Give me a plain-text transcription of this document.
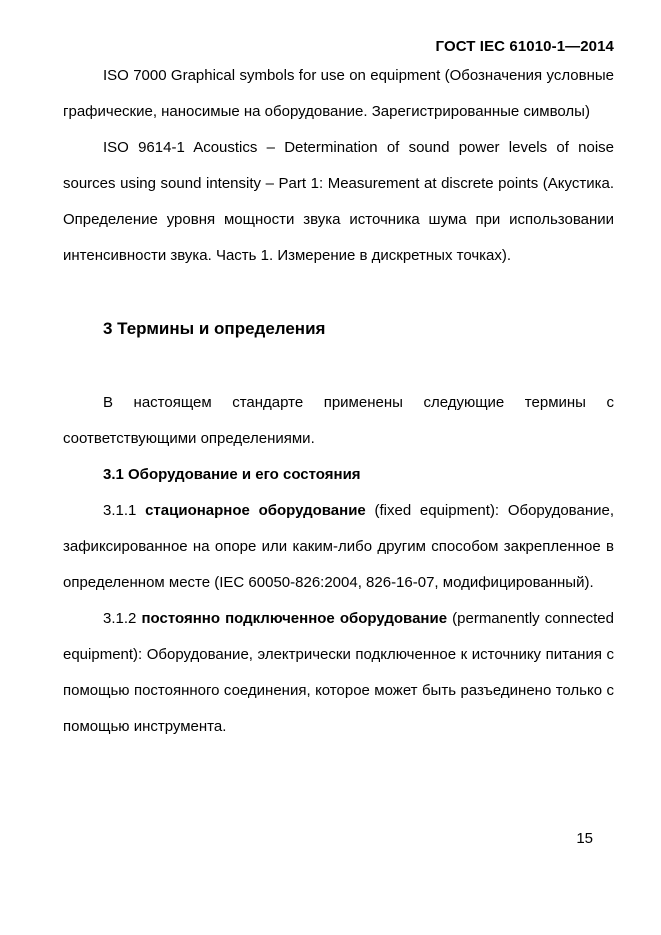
ГОСТ IEC 61010-1—2014

ISO 7000 Graphical symbols for use on equipment (Обозначения условные графические, наносимые на оборудование. Зарегистрированные символы)

ISO 9614-1 Acoustics – Determination of sound power levels of noise sources using sound intensity – Part 1: Measurement at discrete points (Акустика. Определение уровня мощности звука источника шума при использовании интенсивности звука. Часть 1. Измерение в дискретных точках).

3 Термины и определения

В настоящем стандарте применены следующие термины с соответствующими определениями.

3.1 Оборудование и его состояния

3.1.1 стационарное оборудование (fixed equipment): Оборудование, зафиксированное на опоре или каким-либо другим способом закрепленное в определенном месте (IEC 60050-826:2004, 826-16-07, модифицированный).

3.1.2 постоянно подключенное оборудование (permanently connected equipment): Оборудование, электрически подключенное к источнику питания с помощью постоянного соединения, которое может быть разъединено только с помощью инструмента.

15
